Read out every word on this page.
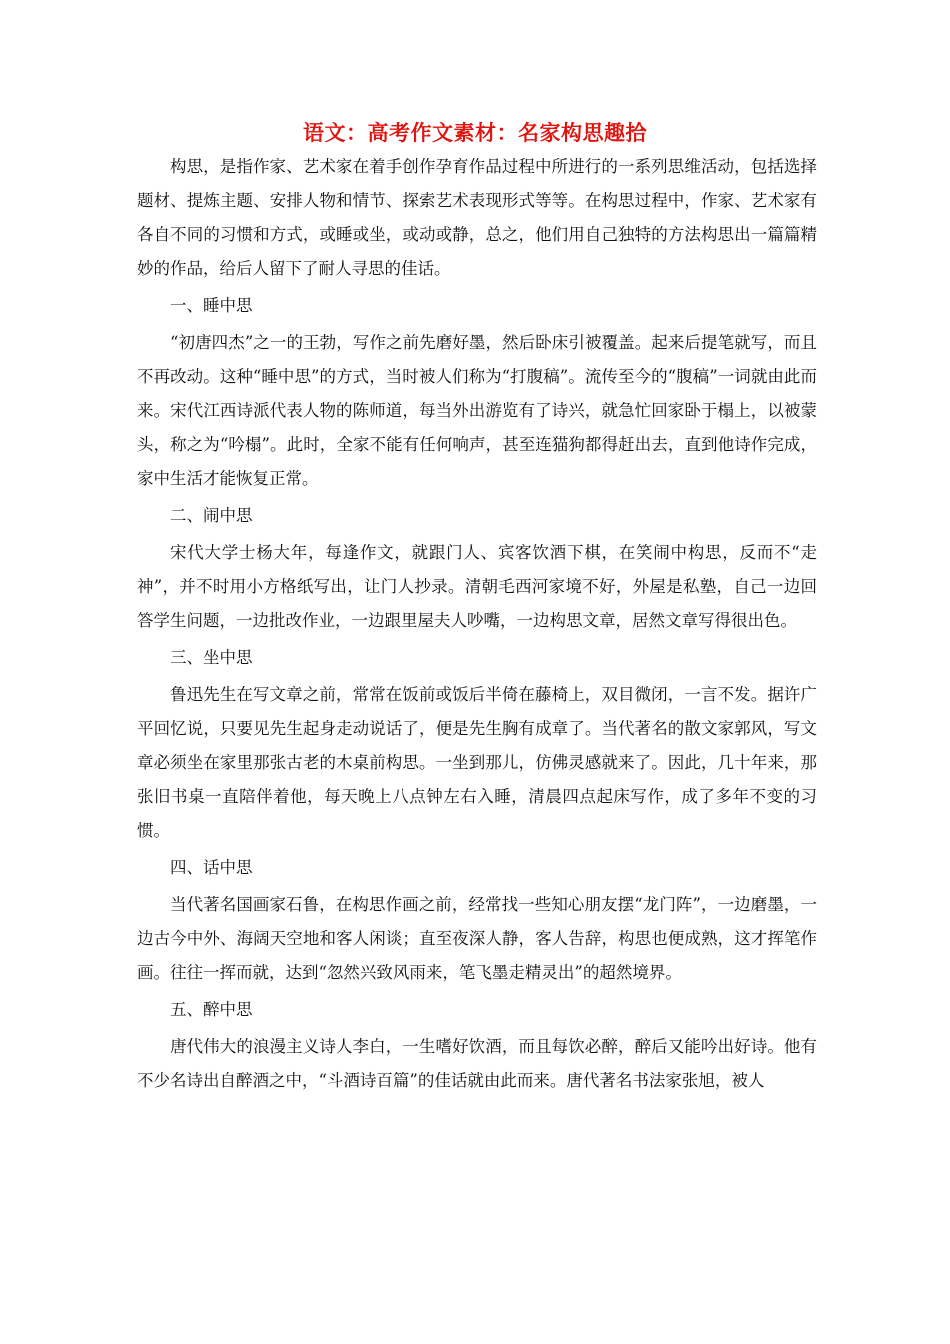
语文：高考作文素材：名家构思趣拾

构思，是指作家、艺术家在着手创作孕育作品过程中所进行的一系列思维活动，包括选择题材、提炼主题、安排人物和情节、探索艺术表现形式等等。在构思过程中，作家、艺术家有各自不同的习惯和方式，或睡或坐，或动或静，总之，他们用自己独特的方法构思出一篇篇精妙的作品，给后人留下了耐人寻思的佳话。

一、睡中思

“初唐四杰”之一的王勃，写作之前先磨好墨，然后卧床引被覆盖。起来后提笔就写，而且不再改动。这种“睡中思”的方式，当时被人们称为“打腹稿”。流传至今的“腹稿”一词就由此而来。宋代江西诗派代表人物的陈师道，每当外出游览有了诗兴，就急忙回家卧于榻上，以被蒙头，称之为“吟榻”。此时，全家不能有任何响声，甚至连猫狗都得赶出去，直到他诗作完成，家中生活才能恢复正常。

二、闹中思

宋代大学士杨大年，每逢作文，就跟门人、宾客饮酒下棋，在笑闹中构思，反而不“走神”，并不时用小方格纸写出，让门人抄录。清朝毛西河家境不好，外屋是私塾，自己一边回答学生问题，一边批改作业，一边跟里屋夫人吵嘴，一边构思文章，居然文章写得很出色。

三、坐中思

鲁迅先生在写文章之前，常常在饭前或饭后半倚在藤椅上，双目微闭，一言不发。据许广平回忆说，只要见先生起身走动说话了，便是先生胸有成章了。当代著名的散文家郭风，写文章必须坐在家里那张古老的木桌前构思。一坐到那儿，仿佛灵感就来了。因此，几十年来，那张旧书桌一直陪伴着他，每天晚上八点钟左右入睡，清晨四点起床写作，成了多年不变的习惯。

四、话中思

当代著名国画家石鲁，在构思作画之前，经常找一些知心朋友摆“龙门阵”，一边磨墨，一边古今中外、海阔天空地和客人闲谈；直至夜深人静，客人告辞，构思也便成熟，这才挥笔作画。往往一挥而就，达到“忽然兴致风雨来，笔飞墨走精灵出”的超然境界。

五、醉中思

唐代伟大的浪漫主义诗人李白，一生嗜好饮酒，而且每饮必醉，醉后又能吟出好诗。他有不少名诗出自醉酒之中，“斗酒诗百篇”的佳话就由此而来。唐代著名书法家张旭，被人
